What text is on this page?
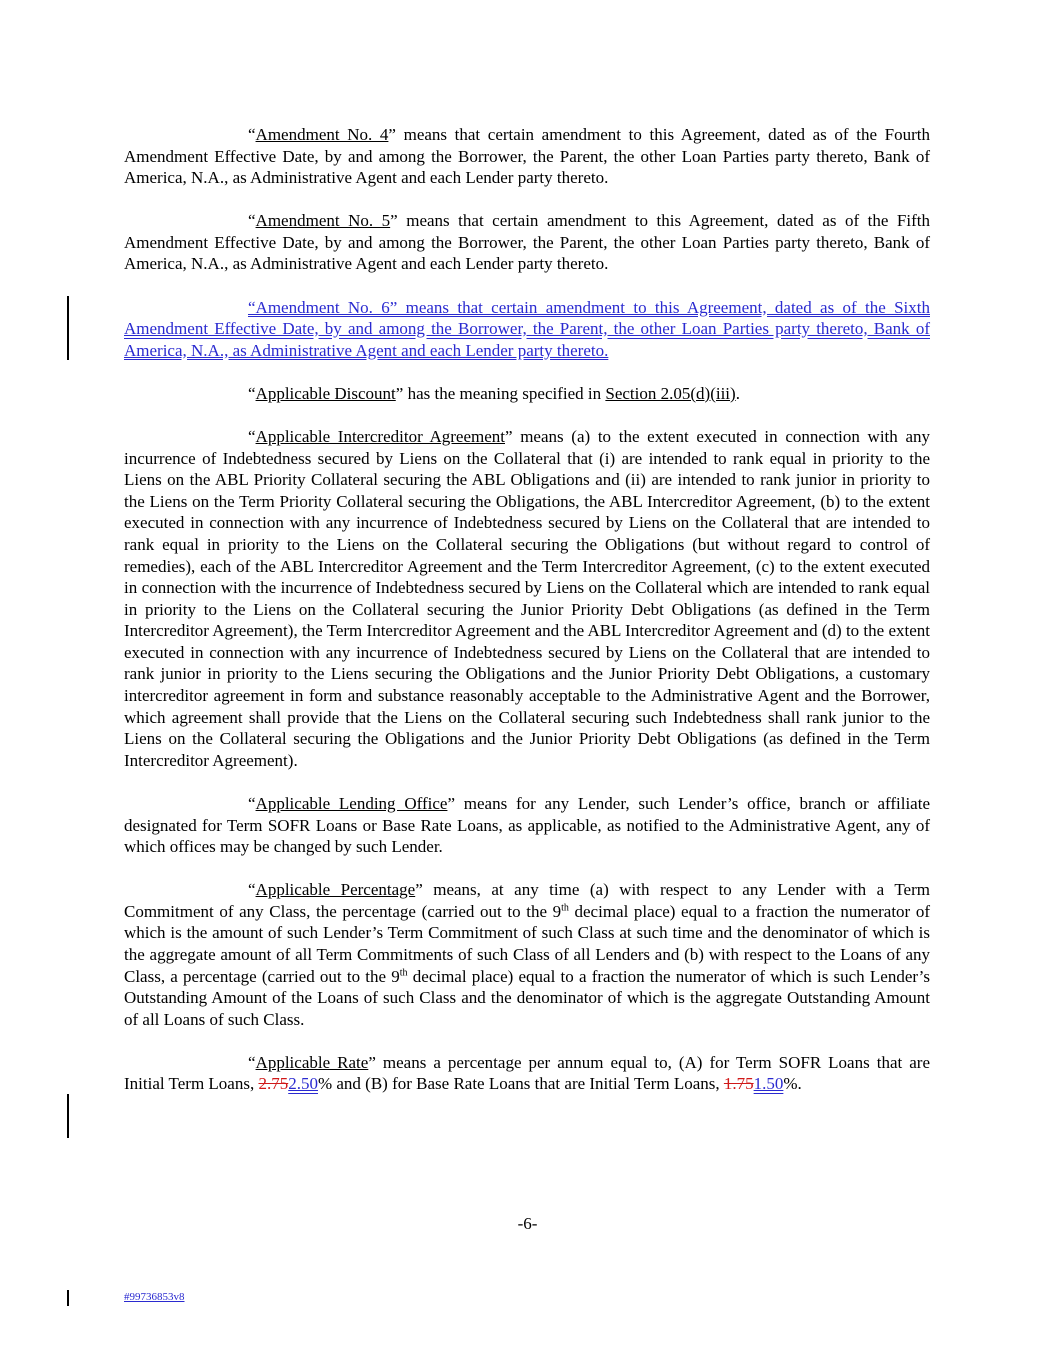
“Amendment No. 4” means that certain amendment to this Agreement, dated as of the Fourth Amendment Effective Date, by and among the Borrower, the Parent, the other Loan Parties party thereto, Bank of America, N.A., as Administrative Agent and each Lender party thereto.

“Amendment No. 5” means that certain amendment to this Agreement, dated as of the Fifth Amendment Effective Date, by and among the Borrower, the Parent, the other Loan Parties party thereto, Bank of America, N.A., as Administrative Agent and each Lender party thereto.

“Amendment No. 6” means that certain amendment to this Agreement, dated as of the Sixth Amendment Effective Date, by and among the Borrower, the Parent, the other Loan Parties party thereto, Bank of America, N.A., as Administrative Agent and each Lender party thereto.

“Applicable Discount” has the meaning specified in Section 2.05(d)(iii).

“Applicable Intercreditor Agreement” means (a) to the extent executed in connection with any incurrence of Indebtedness secured by Liens on the Collateral that (i) are intended to rank equal in priority to the Liens on the ABL Priority Collateral securing the ABL Obligations and (ii) are intended to rank junior in priority to the Liens on the Term Priority Collateral securing the Obligations, the ABL Intercreditor Agreement, (b) to the extent executed in connection with any incurrence of Indebtedness secured by Liens on the Collateral that are intended to rank equal in priority to the Liens on the Collateral securing the Obligations (but without regard to control of remedies), each of the ABL Intercreditor Agreement and the Term Intercreditor Agreement, (c) to the extent executed in connection with the incurrence of Indebtedness secured by Liens on the Collateral which are intended to rank equal in priority to the Liens on the Collateral securing the Junior Priority Debt Obligations (as defined in the Term Intercreditor Agreement), the Term Intercreditor Agreement and the ABL Intercreditor Agreement and (d) to the extent executed in connection with any incurrence of Indebtedness secured by Liens on the Collateral that are intended to rank junior in priority to the Liens securing the Obligations and the Junior Priority Debt Obligations, a customary intercreditor agreement in form and substance reasonably acceptable to the Administrative Agent and the Borrower, which agreement shall provide that the Liens on the Collateral securing such Indebtedness shall rank junior to the Liens on the Collateral securing the Obligations and the Junior Priority Debt Obligations (as defined in the Term Intercreditor Agreement).

“Applicable Lending Office” means for any Lender, such Lender’s office, branch or affiliate designated for Term SOFR Loans or Base Rate Loans, as applicable, as notified to the Administrative Agent, any of which offices may be changed by such Lender.

“Applicable Percentage” means, at any time (a) with respect to any Lender with a Term Commitment of any Class, the percentage (carried out to the 9th decimal place) equal to a fraction the numerator of which is the amount of such Lender’s Term Commitment of such Class at such time and the denominator of which is the aggregate amount of all Term Commitments of such Class of all Lenders and (b) with respect to the Loans of any Class, a percentage (carried out to the 9th decimal place) equal to a fraction the numerator of which is such Lender’s Outstanding Amount of the Loans of such Class and the denominator of which is the aggregate Outstanding Amount of all Loans of such Class.

“Applicable Rate” means a percentage per annum equal to, (A) for Term SOFR Loans that are Initial Term Loans, 2.752.50% and (B) for Base Rate Loans that are Initial Term Loans, 1.751.50%.

-6-
#99736853v8
